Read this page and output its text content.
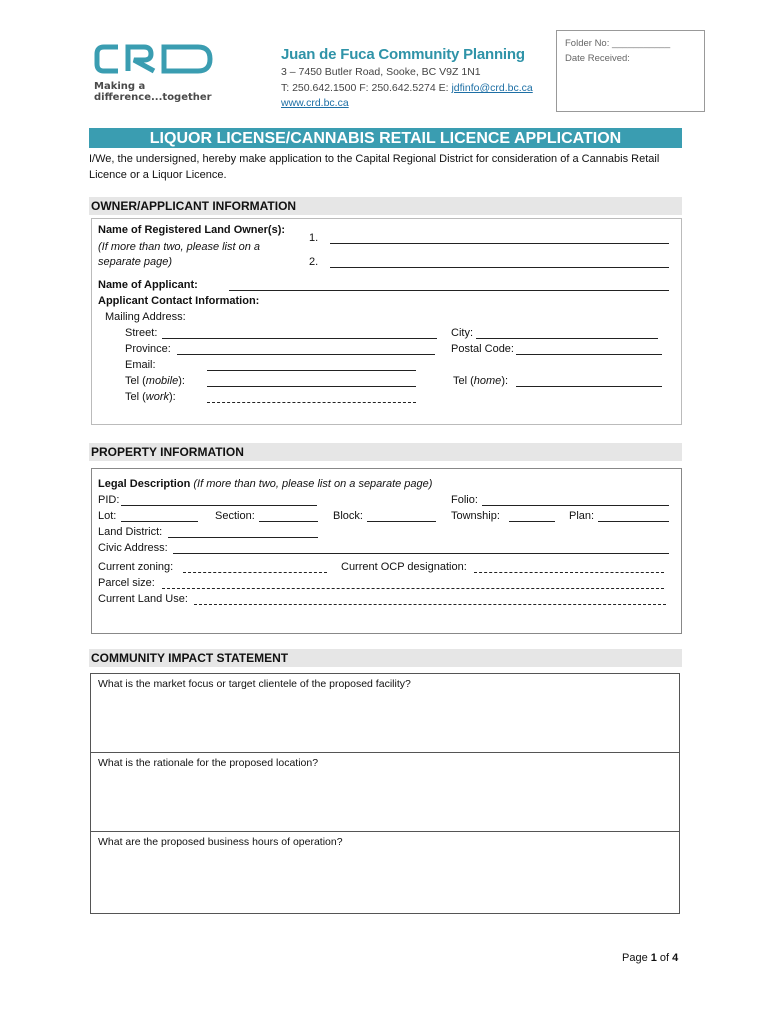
Making a difference...together
Juan de Fuca Community Planning
3 – 7450 Butler Road, Sooke, BC V9Z 1N1
T: 250.642.1500 F: 250.642.5274 E: jdfinfo@crd.bc.ca
www.crd.bc.ca
Folder No: ___________
Date Received:
LIQUOR LICENSE/CANNABIS RETAIL LICENCE APPLICATION
I/We, the undersigned, hereby make application to the Capital Regional District for consideration of a Cannabis Retail Licence or a Liquor Licence.
OWNER/APPLICANT INFORMATION
Name of Registered Land Owner(s):
(If more than two, please list on a separate page)
1.
2.
Name of Applicant:
Applicant Contact Information:
Mailing Address:
Street:	City:
Province:	Postal Code:
Email:
Tel (mobile):	Tel (home):
Tel (work):
PROPERTY INFORMATION
Legal Description (If more than two, please list on a separate page)
PID:	Folio:
Lot:	Section:	Block:	Township:	Plan:
Land District:
Civic Address:
Current zoning:	Current OCP designation:
Parcel size:
Current Land Use:
COMMUNITY IMPACT STATEMENT
What is the market focus or target clientele of the proposed facility?
What is the rationale for the proposed location?
What are the proposed business hours of operation?
Page 1 of 4
